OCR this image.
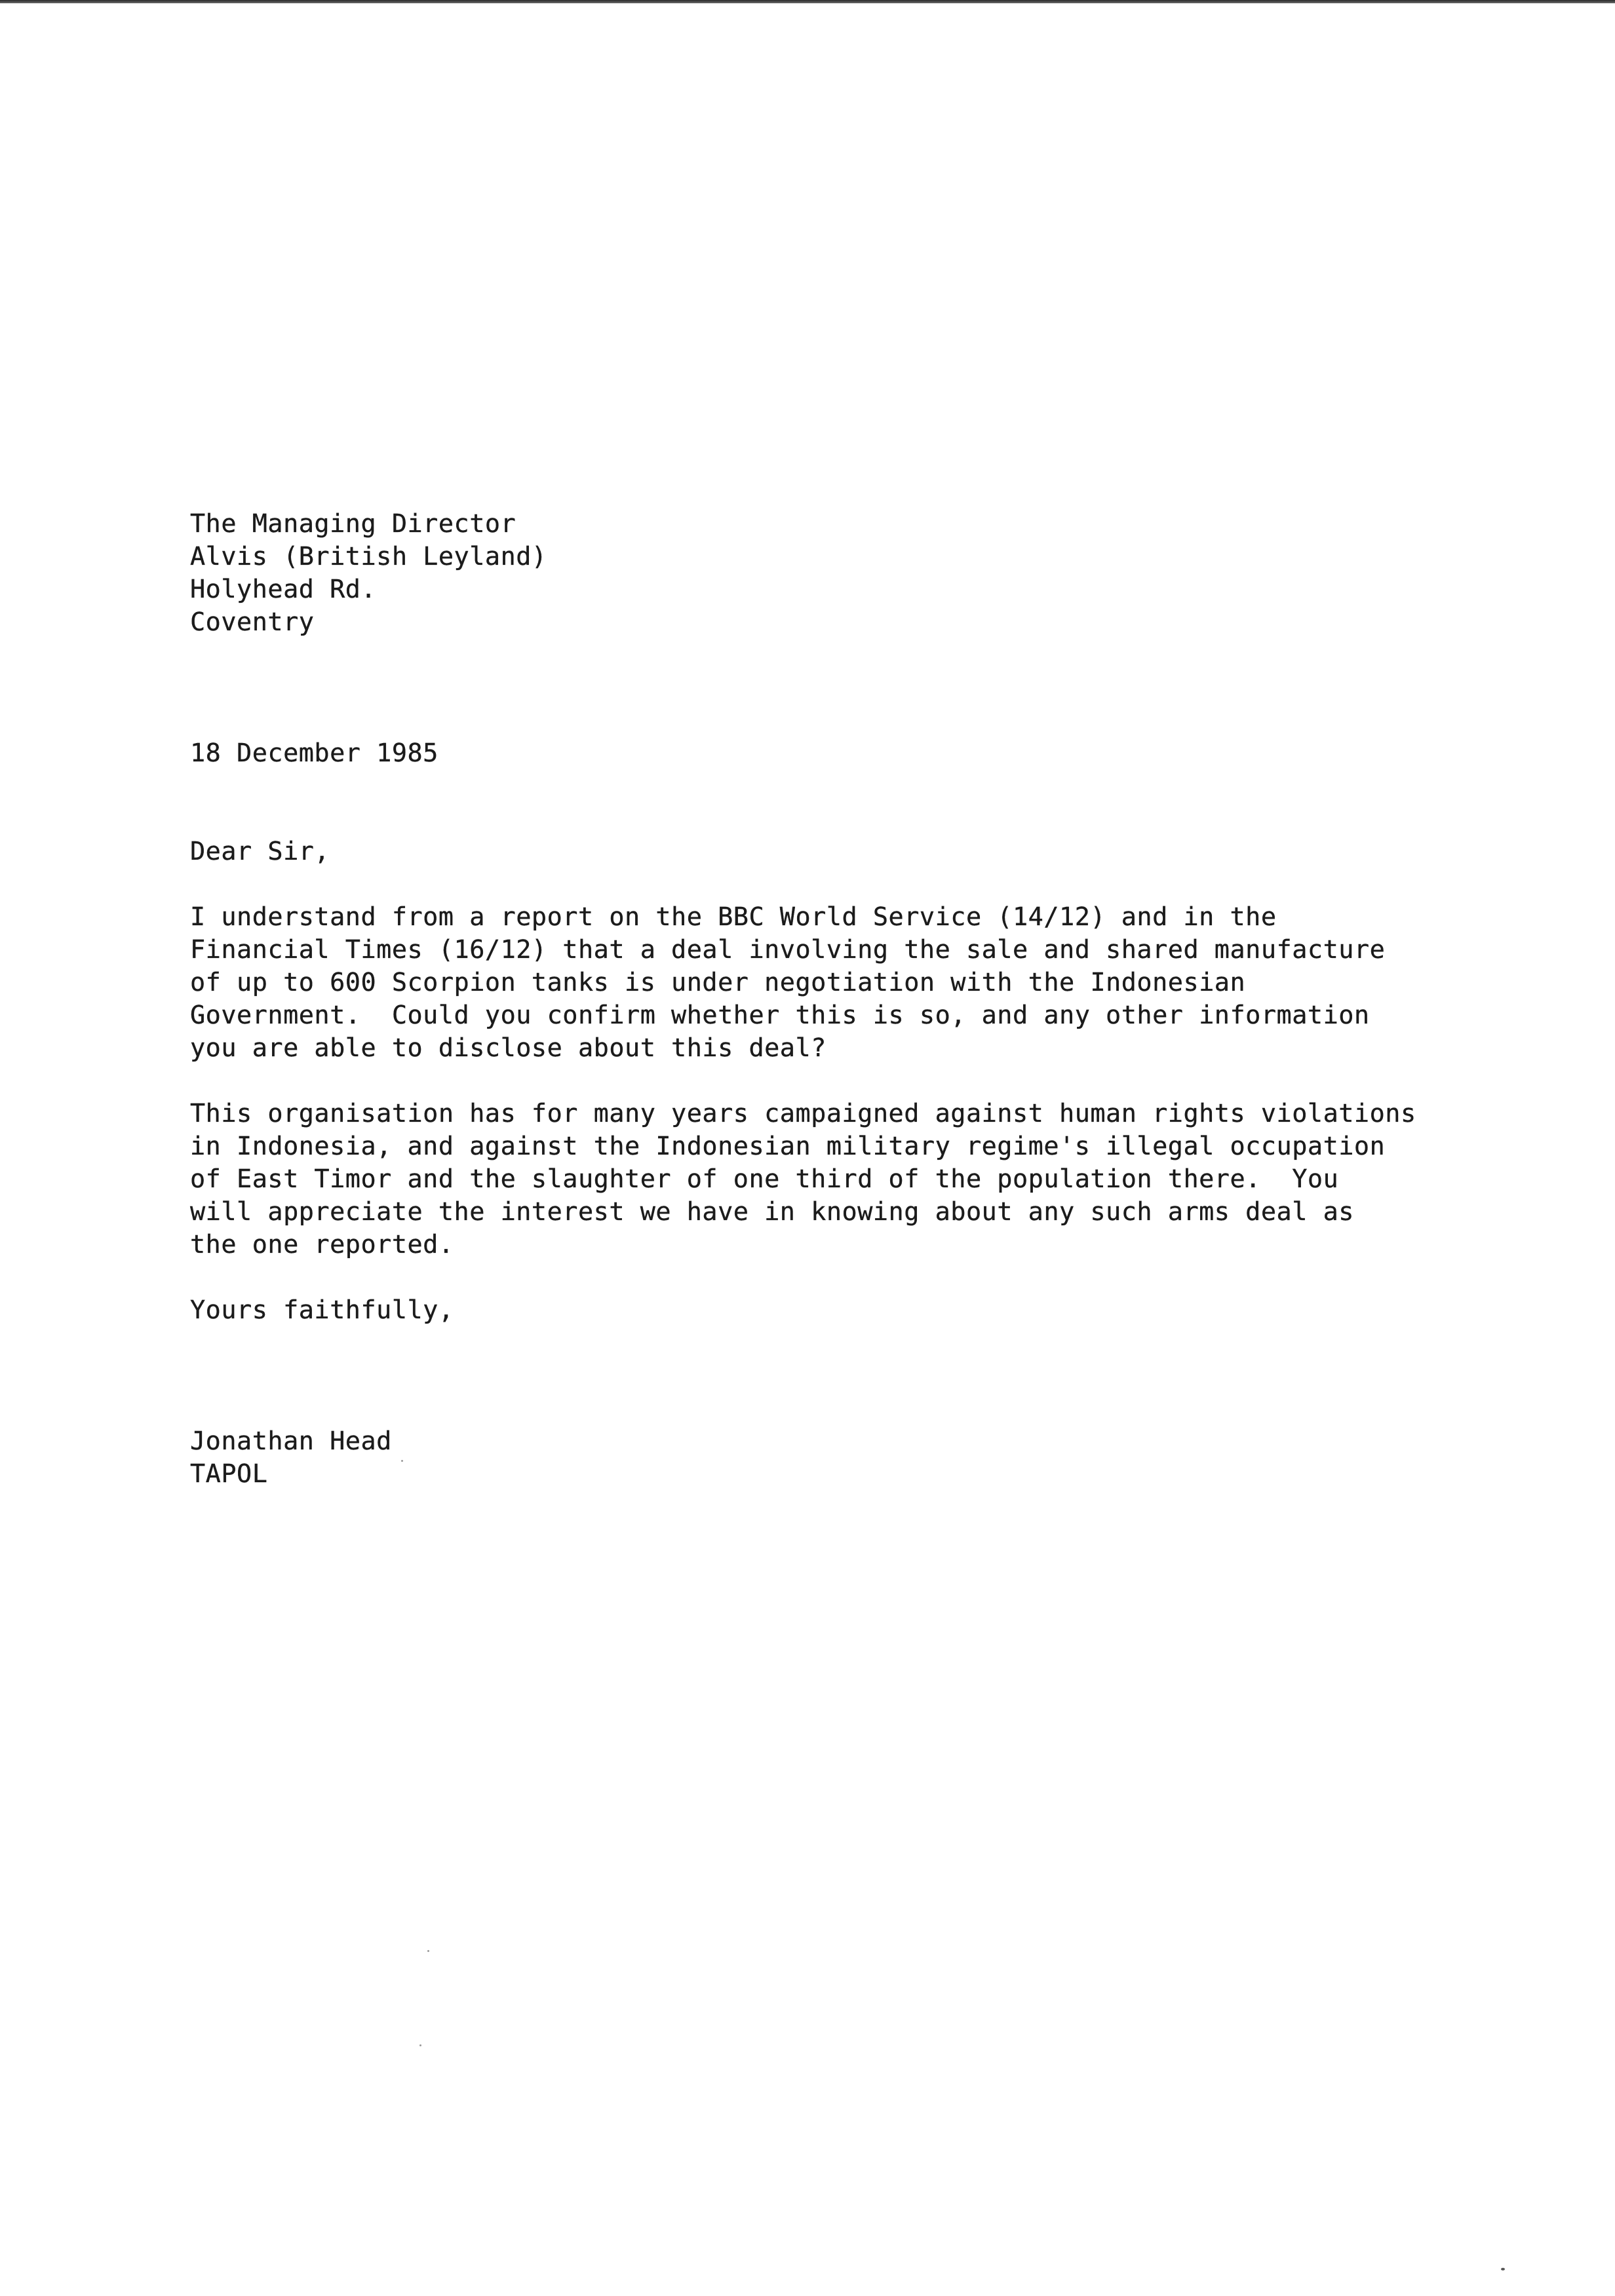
The Managing Director
Alvis (British Leyland)
Holyhead Rd.
Coventry
18 December 1985
Dear Sir,
I understand from a report on the BBC World Service (14/12) and in the
Financial Times (16/12) that a deal involving the sale and shared manufacture
of up to 600 Scorpion tanks is under negotiation with the Indonesian
Government.  Could you confirm whether this is so, and any other information
you are able to disclose about this deal?
This organisation has for many years campaigned against human rights violations
in Indonesia, and against the Indonesian military regime's illegal occupation
of East Timor and the slaughter of one third of the population there.  You
will appreciate the interest we have in knowing about any such arms deal as
the one reported.
Yours faithfully,
Jonathan Head
TAPOL
